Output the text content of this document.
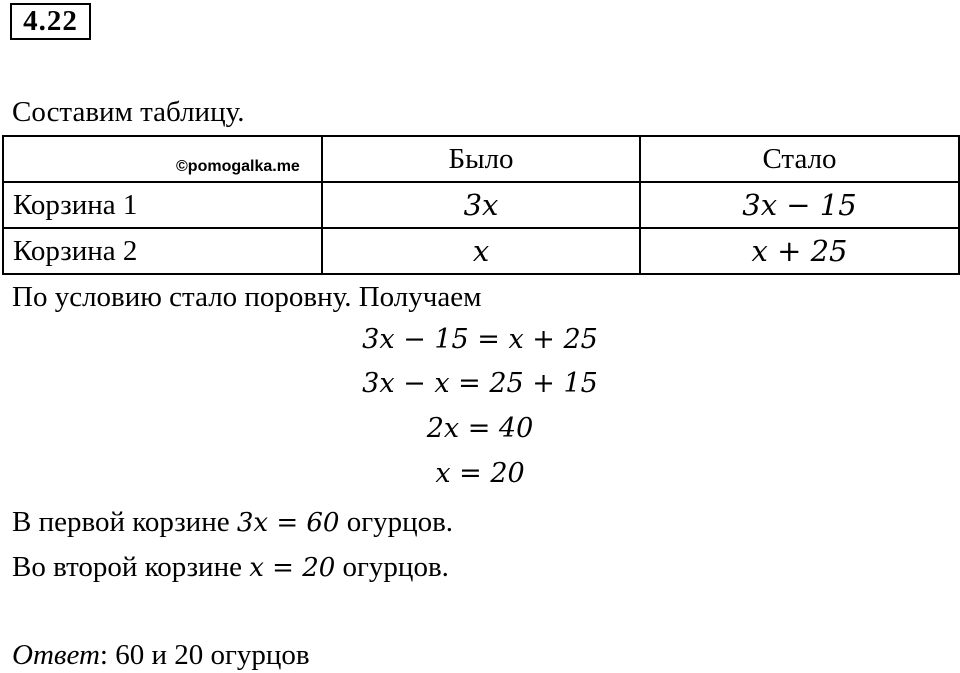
4.22
Составим таблицу.
	Было	Стало
Корзина 1	3x	3x − 15
Корзина 2	x	x + 25
©pomogalka.me
По условию стало поровну. Получаем
3x − 15 = x + 25
3x − x = 25 + 15
2x = 40
x = 20
В первой корзине 3x = 60 огурцов.
Во второй корзине x = 20 огурцов.
Ответ: 60 и 20 огурцов
